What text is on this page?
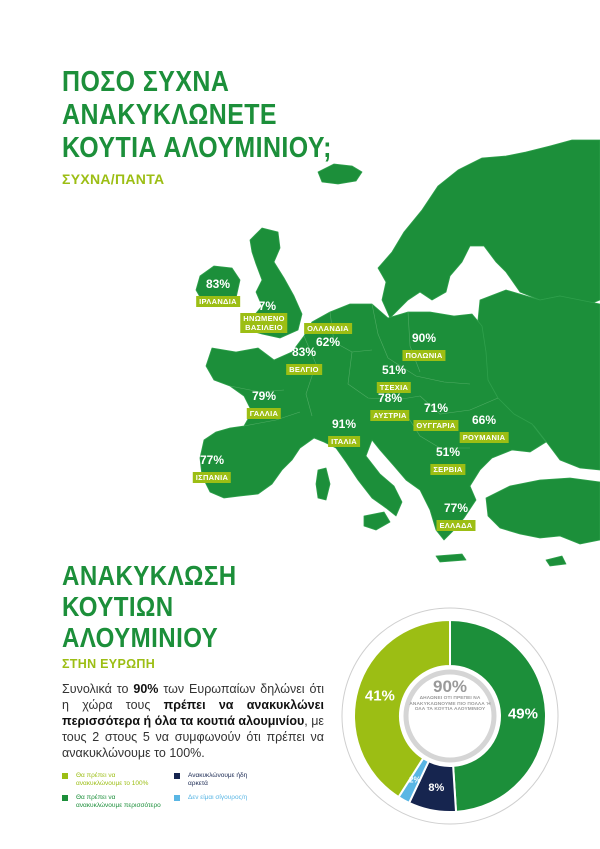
ΠΟΣΟ ΣΥΧΝΑ
ΑΝΑΚΥΚΛΩΝΕΤΕ
ΚΟΥΤΙΑ ΑΛΟΥΜΙΝΙΟΥ;
ΣΥΧΝΑ/ΠΑΝΤΑ
83%
ΙΡΛΑΝΔΙΑ	87%
ΗΝΩΜΕΝΟ
ΒΑΣΙΛΕΙΟ	ΟΛΛΑΝΔΙΑ
62%
83%
ΒΕΛΓΙΟ
90%
ΠΟΛΩΝΙΑ
51%
ΤΣΕΧΙΑ
79%
ΓΑΛΛΙΑ
78%
ΑΥΣΤΡΙΑ
71%
ΟΥΓΓΑΡΙΑ	66%
ΡΟΥΜΑΝΙΑ
91%
ΙΤΑΛΙΑ
77%
ΙΣΠΑΝΙΑ
51%
ΣΕΡΒΙΑ
77%
ΕΛΛΑΔΑ
ΑΝΑΚΥΚΛΩΣΗ
ΚΟΥΤΙΩΝ
ΑΛΟΥΜΙΝΙΟΥ
ΣΤΗΝ ΕΥΡΩΠΗ

Συνολικά το 90% των Ευρωπαίων δηλώνει ότι η χώρα τους πρέπει να ανακυκλώνει περισσότερα ή όλα τα κουτιά αλουμινίου, με τους 2 στους 5 να συμφωνούν ότι πρέπει να ανακυκλώνουμε το 100%.

Θα πρέπει να
ανακυκλώνουμε το 100%
Ανακυκλώνουμε ήδη
αρκετά
Θα πρέπει να
ανακυκλώνουμε περισσότερο
Δεν είμαι σίγουρος/η
90%
ΔΗΛΩΝΕΙ ΟΤΙ ΠΡΕΠΕΙ ΝΑ ΑΝΑΚΥΚΛΩΝΟΥΜΕ ΠΙΟ ΠΟΛΛΑ Ή ΟΛΑ ΤΑ ΚΟΥΤΙΑ ΑΛΟΥΜΙΝΙΟΥ	49%
8%
2%
41%
